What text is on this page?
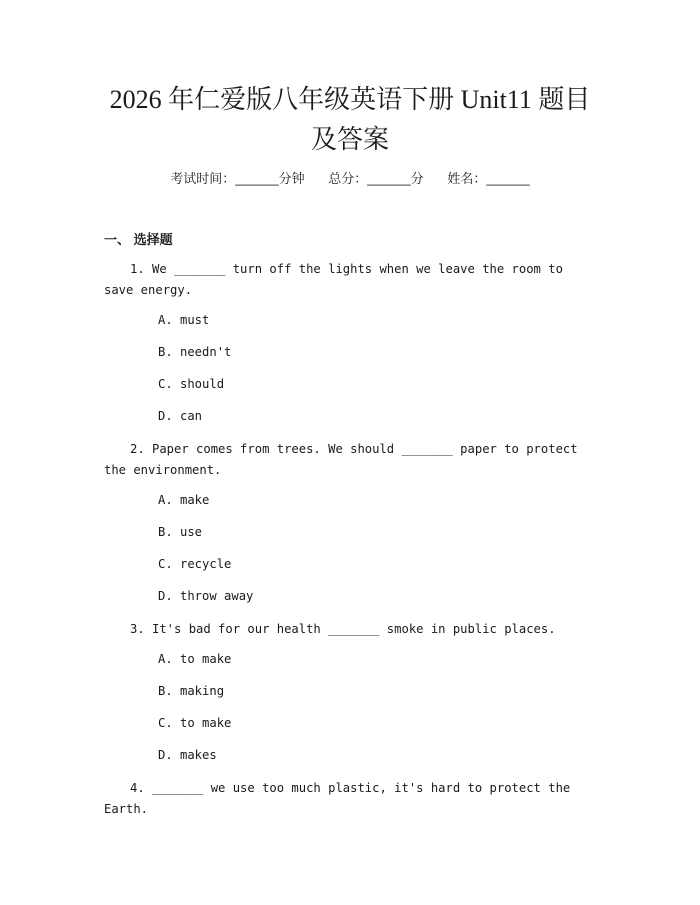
2026 年仁爱版八年级英语下册 Unit11 题目
及答案
考试时间：______分钟 总分：______分 姓名：______
一、 选择题
1. We _______ turn off the lights when we leave the room to save energy.
A. must
B. needn't
C. should
D. can
2. Paper comes from trees. We should _______ paper to protect the environment.
A. make
B. use
C. recycle
D. throw away
3. It's bad for our health _______ smoke in public places.
A. to make
B. making
C. to make
D. makes
4. _______ we use too much plastic, it's hard to protect the Earth.
